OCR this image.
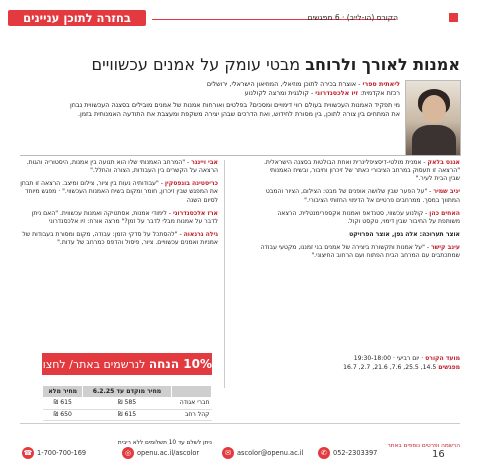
בחזרה לתוכן עניינים	הקורס (הו-לייב) · 6 מפגשים
אמנות לאורך ולרוחב מבטי עומק על אמנים עכשוויים

ליאתית ספרי - אוצרת בכירה לתוכן מוזיאלי, המוזיאון הישראלי, ירושלים

רכזת אקדמית: זיו אלכסנדרוני - קולגנית ומרצה לקולנוע

מי תפקיד האמנות העכשווית בעולם רווי דימויים ומסכים? בפלטים ואורחות אמנות של אמנים מובילים בסצנה העכשווית נבחן את המתחים בין צורה לתוכן, בין מסורת לחידוש, ואת הדרכים שבהן יצירה משקפת ומעצבת את התודעה האמנותית בזמן.

אגנס בלאק - אמנית מולטי-דיסציפלינרית ואחת הבולטות בסצנה הישראלית. "הרצאה זו תעסוק במרחב הציבורי כאתר של זיכרון וחיבור, ובשיח האמנותי שבין הבית לעיר."

יניב שמיר - "על הפער שבין שלושה אופנים של מבט: הצילום, הציור והמבט המתווך במסך. ממרחבים פרטיים אל הדימוי החזותי הציבורי."

האחים כהן - קולנוע עכשווי, סטנדאפ ואמנות אקספרימנטלית. הרצאה משותפת על החיבור שבין דימוי, טקסט וקול.

אוצר תערוכה: אלה גפן, אוצר הפרויקט

עינב קישר - "על אמנות ותקשורת ביצירה של אמנים בני זמננו, מקטעי עבודה שמתכתבים עם המרחב הבית הפתוח ועם הרחוב החיצוני."

אבי ויינגר - "המרחב האמנותי שלו הוא תנועה בין אמנות, היסטוריה והגות. הרצאה על הקשרים בין העבודות, הצורה והחלל."

כריסטינה בונפסקין - "עבודותיה נעות בין ציור, צילום ומיצב. הרצאה זו תבחן את המפגש שבין זיכרון, חומר ומקום בשיח האמנות העכשווי." · מפגש מיוחד לסיום השנה

ארז אלכסנדרוני - לימודי אמנות, אסתטיקה ואמנות עכשווית. "האם ניתן לדבר על אמנות מבלי לדבר על זמן?" מרצה אורח: זיו אלכסנדרוני

גילה גרנאוה - "להסתכל על סדקי הזמן: עבודה, מקום ומסורת בעבודות של אמניות ואמנים עכשוויים. ציור, פיסול והדפס כמרחב של עדות."

מועד הקורס · יום רביעי · 19:30-18:00
מפגשים 14.5, 25.5, 7.6, 21.6, 2.7, 16.7
10% הנחה לנרשמים באתר/ לחצו כאן
	מחיר מוקדם עד 6.2.25	מחיר מלא
חברי אגודה	585 ₪	615 ₪
קהל רחב	615 ₪	650 ₪
ניתן לשלם עד 10 תשלומים ללא ריבית	הרשמה ופרטים נוספים באתר
☎ 1-700-700-169	◎ openu.ac.il/ascolor	✉ ascolor@openu.ac.il	✆ 052-2303397	16
